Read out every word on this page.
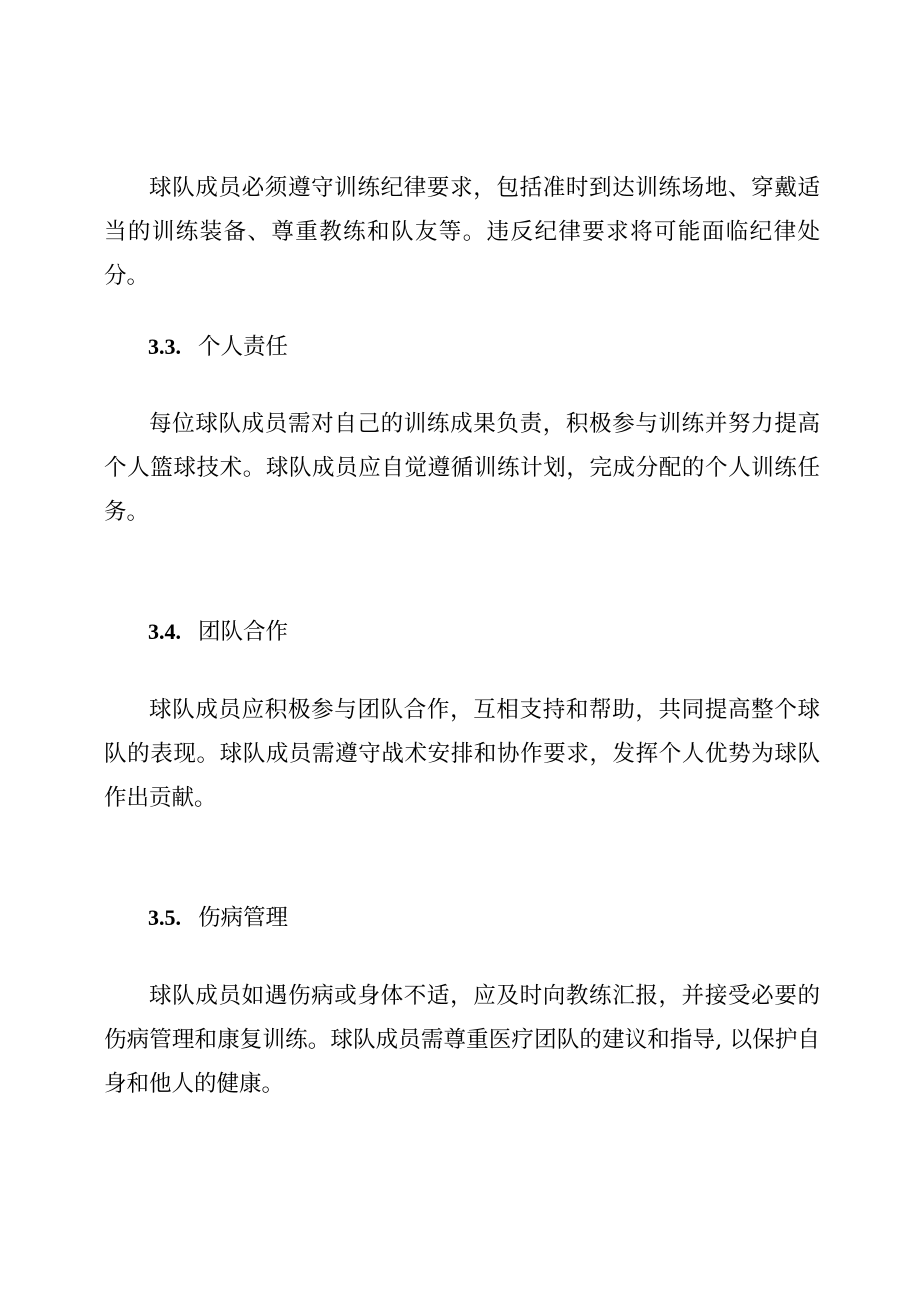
球队成员必须遵守训练纪律要求，包括准时到达训练场地、穿戴适当的训练装备、尊重教练和队友等。违反纪律要求将可能面临纪律处分。

3.3. 个人责任

每位球队成员需对自己的训练成果负责，积极参与训练并努力提高个人篮球技术。球队成员应自觉遵循训练计划，完成分配的个人训练任务。

3.4. 团队合作

球队成员应积极参与团队合作，互相支持和帮助，共同提高整个球队的表现。球队成员需遵守战术安排和协作要求，发挥个人优势为球队作出贡献。

3.5. 伤病管理

球队成员如遇伤病或身体不适，应及时向教练汇报，并接受必要的伤病管理和康复训练。球队成员需尊重医疗团队的建议和指导, 以保护自身和他人的健康。
